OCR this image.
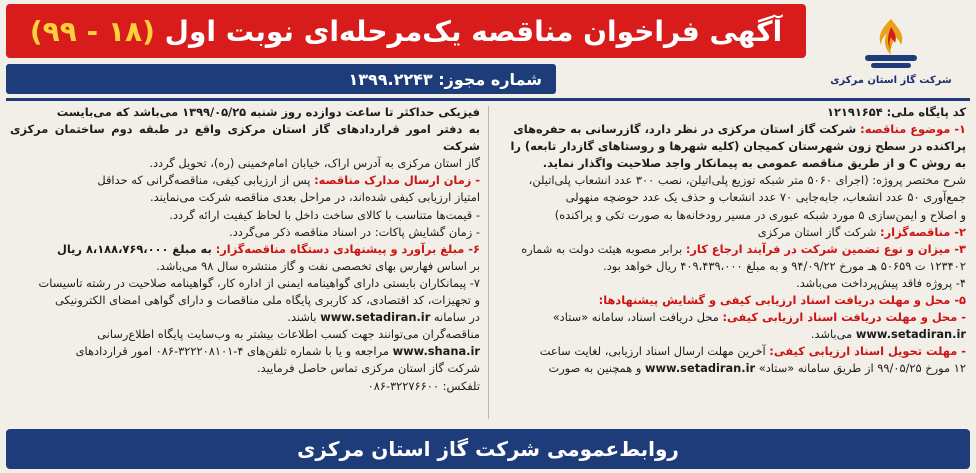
آگهی فراخوان مناقصه یک‌مرحله‌ای نوبت اول (۱۸ - ۹۹)
شماره مجوز: ۱۳۹۹.۲۲۴۳	شرکت گاز استان مرکزی

کد پایگاه ملی: ۱۲۱۹۱۶۵۴

۱- موضوع مناقصه: شرکت گاز استان مرکزی در نظر دارد، گازرسانی به حفره‌های

پراکنده در سطح زون شهرستان کمیجان (کلیه شهرها و روستاهای گازدار تابعه) را

به روش C و از طریق مناقصه عمومی به پیمانکار واجد صلاحیت واگذار نماید.

شرح مختصر پروژه: (اجرای ۵۰۶۰ متر شبکه توزیع پلی‌اتیلن، نصب ۳۰۰ عدد انشعاب پلی‌اتیلن،

جمع‌آوری ۵۰ عدد انشعاب، جابه‌جایی ۷۰ عدد انشعاب و حذف یک عدد حوضچه منهولی

و اصلاح و ایمن‌سازی ۵ مورد شبکه عبوری در مسیر رودخانه‌ها به صورت تکی و پراکنده)

۲- مناقصه‌گزار: شرکت گاز استان مرکزی

۳- میزان و نوع تضمین شرکت در فرآیند ارجاع کار: برابر مصوبه هیئت دولت به شماره

۱۲۳۴۰۲ ت ۵۰۶۵۹ هـ مورخ ۹۴/۰۹/۲۲ و به مبلغ ۴۰۹،۴۳۹،۰۰۰ ریال خواهد بود.

۴- پروژه فاقد پیش‌پرداخت می‌باشد.

۵- محل و مهلت دریافت اسناد ارزیابی کیفی و گشایش پیشنهادها:

- محل و مهلت دریافت اسناد ارزیابی کیفی: محل دریافت اسناد، سامانه «ستاد»

www.setadiran.ir می‌باشد.

- مهلت تحویل اسناد ارزیابی کیفی: آخرین مهلت ارسال اسناد ارزیابی، لغایت ساعت

۱۲ مورخ ۹۹/۰۵/۲۵ از طریق سامانه «ستاد» www.setadiran.ir و همچنین به صورت

فیزیکی حداکثر تا ساعت دوازده روز شنبه ۱۳۹۹/۰۵/۲۵ می‌باشد که می‌بایست

به دفتر امور قراردادهای گاز استان مرکزی واقع در طبقه دوم ساختمان مرکزی شرکت

گاز استان مرکزی به آدرس اراک، خیابان امام‌خمینی (ره)، تحویل گردد.

- زمان ارسال مدارک مناقصه: پس از ارزیابی کیفی، مناقصه‌گرانی که حداقل

امتیاز ارزیابی کیفی شده‌اند، در مراحل بعدی مناقصه شرکت می‌نمایند.

- قیمت‌ها متناسب با کالای ساخت داخل با لحاظ کیفیت ارائه گردد.

- زمان گشایش پاکات: در اسناد مناقصه ذکر می‌گردد.

۶- مبلغ برآورد و پیشنهادی دستگاه مناقصه‌گزار: به مبلغ ۸،۱۸۸،۷۶۹،۰۰۰ ریال

بر اساس فهارس بهای تخصصی نفت و گاز منتشره سال ۹۸ می‌باشد.

۷- پیمانکاران بایستی دارای گواهینامه ایمنی از اداره کار، گواهینامه صلاحیت در رشته تاسیسات

و تجهیزات، کد اقتصادی، کد کاربری پایگاه ملی مناقصات و دارای گواهی امضای الکترونیکی

در سامانه www.setadiran.ir باشند.

مناقصه‌گران می‌توانند جهت کسب اطلاعات بیشتر به وب‌سایت پایگاه اطلاع‌رسانی

www.shana.ir مراجعه و یا با شماره تلفن‌های ۴-۳۲۲۲۰۸۱۰۱-۰۸۶ امور قراردادهای

شرکت گاز استان مرکزی تماس حاصل فرمایید.

تلفکس: ۳۲۲۷۶۶۰۰-۰۸۶

روابط‌عمومی شرکت گاز استان مرکزی
